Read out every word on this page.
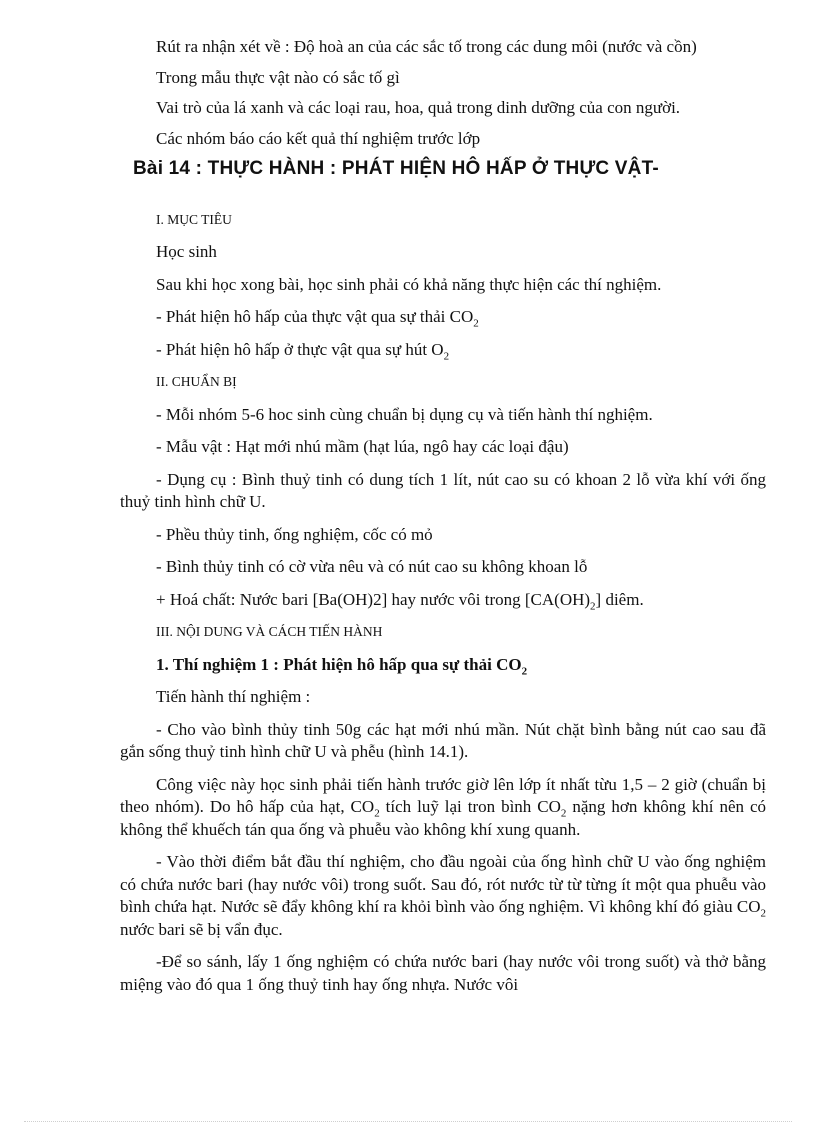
Rút ra nhận xét về : Độ hoà an của các sắc tố trong các dung môi (nước và cồn)

Trong mẫu thực vật nào có sắc tố gì

Vai trò của lá xanh và các loại rau, hoa, quả trong dinh dưỡng của con người.

Các nhóm báo cáo kết quả thí nghiệm trước lớp

Bài 14 : THỰC HÀNH : PHÁT HIỆN HÔ HẤP Ở THỰC VẬT-

I. MỤC TIÊU

Học sinh

Sau khi học xong bài, học sinh phải có khả năng thực hiện các thí nghiệm.

- Phát hiện hô hấp của thực vật qua sự thải $CO_2$

- Phát hiện hô hấp ở thực vật qua sự hút $O_2$

II. CHUẨN BỊ

- Mỗi nhóm 5-6 hoc sinh cùng chuẩn bị dụng cụ và tiến hành thí nghiệm.

- Mẫu vật : Hạt mới nhú mầm (hạt lúa, ngô hay các loại đậu)

- Dụng cụ : Bình thuỷ tinh có dung tích 1 lít, nút cao su có khoan 2 lỗ vừa khí với ống thuỷ tinh hình chữ U.

- Phều thủy tinh, ống nghiệm, cốc có mỏ

- Bình thủy tinh có cờ vừa nêu và có nút cao su không khoan lỗ

+ Hoá chất: Nước bari [Ba(OH)2] hay nước vôi trong $[CA(OH)_2]$ diêm.

III. NỘI DUNG VÀ CÁCH TIẾN HÀNH

1. Thí nghiệm 1 : Phát hiện hô hấp qua sự thải $CO_2$

Tiến hành thí nghiệm :

- Cho vào bình thủy tinh 50g các hạt mới nhú mần. Nút chặt bình bằng nút cao sau đã gắn sống thuỷ tinh hình chữ U và phễu (hình 14.1).

Công việc này học sinh phải tiến hành trước giờ lên lớp ít nhất từu 1,5 – 2 giờ (chuẩn bị theo nhóm). Do hô hấp của hạt, $CO_2$ tích luỹ lại tron bình $CO_2$ nặng hơn không khí nên có không thể khuếch tán qua ống và phuễu vào không khí xung quanh.

- Vào thời điểm bắt đầu thí nghiệm, cho đầu ngoài của ống hình chữ U vào ống nghiệm có chứa nước bari (hay nước vôi) trong suốt. Sau đó, rót nước từ từ từng ít một qua phuễu vào bình chứa hạt. Nước sẽ đẩy không khí ra khỏi bình vào ống nghiệm. Vì không khí đó giàu $CO_2$ nước bari sẽ bị vẩn đục.

-Để so sánh, lấy 1 ống nghiệm có chứa nước bari (hay nước vôi trong suốt) và thở bằng miệng vào đó qua 1 ống thuỷ tinh hay ống nhựa. Nước vôi
